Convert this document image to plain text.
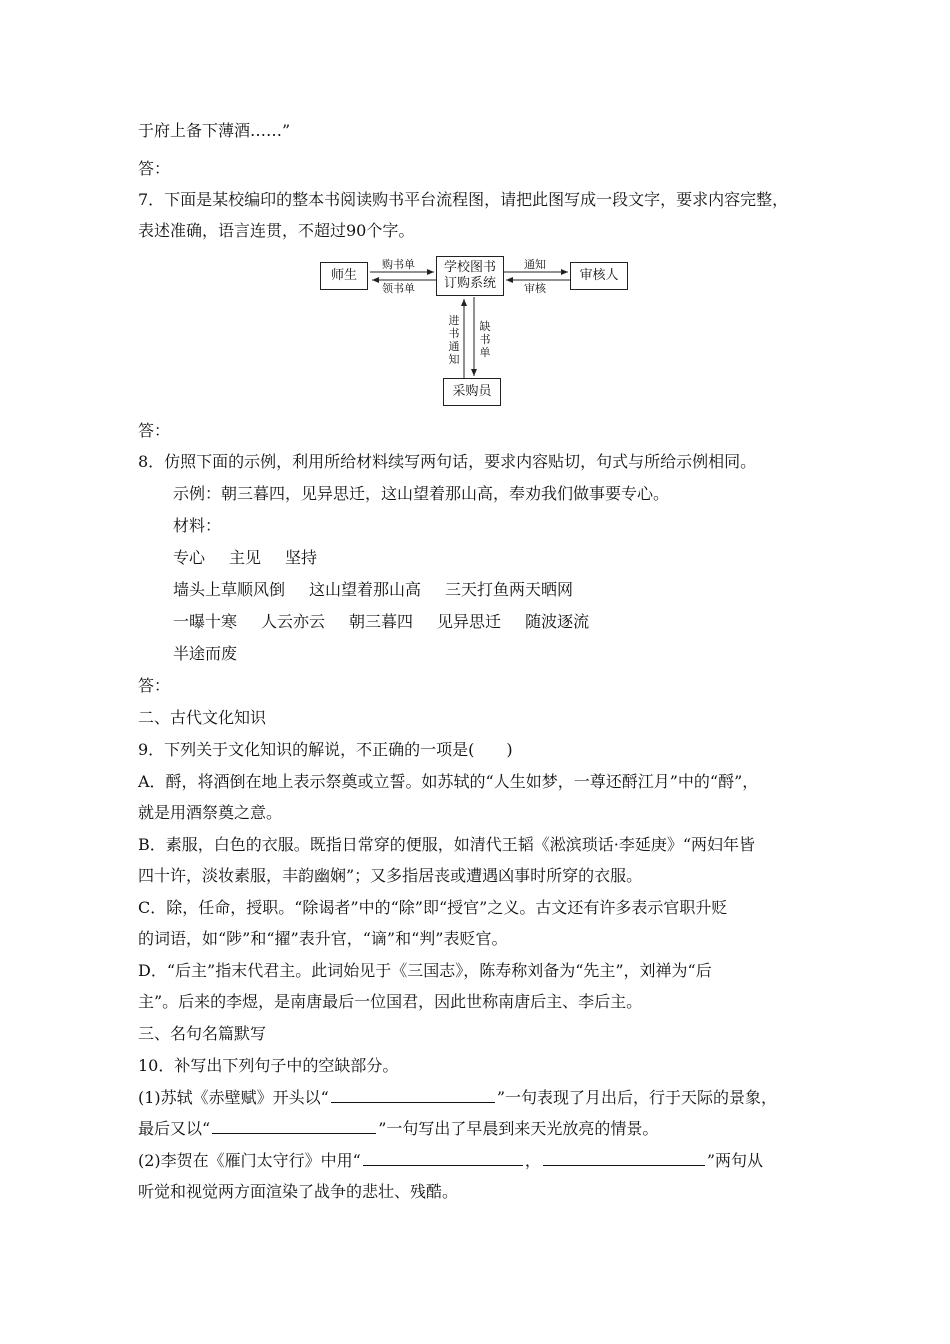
于府上备下薄酒……”
答：
7．下面是某校编印的整本书阅读购书平台流程图，请把此图写成一段文字，要求内容完整，
表述准确，语言连贯，不超过90个字。
师生
学校图书
订购系统
审核人
采购员
购书单
领书单
通知
审核
进书通知
缺书单
答：
8．仿照下面的示例，利用所给材料续写两句话，要求内容贴切，句式与所给示例相同。
示例：朝三暮四，见异思迁，这山望着那山高，奉劝我们做事要专心。
材料：
专心 主见 坚持
墙头上草顺风倒 这山望着那山高 三天打鱼两天晒网
一曝十寒 人云亦云 朝三暮四 见异思迁 随波逐流
半途而废
答：
二、古代文化知识
9．下列关于文化知识的解说，不正确的一项是(　　)
A．酹，将酒倒在地上表示祭奠或立誓。如苏轼的“人生如梦，一尊还酹江月”中的“酹”，
就是用酒祭奠之意。
B．素服，白色的衣服。既指日常穿的便服，如清代王韬《淞滨琐话·李延庚》“两妇年皆
四十许，淡妆素服，丰韵幽娴”；又多指居丧或遭遇凶事时所穿的衣服。
C．除，任命，授职。“除谒者”中的“除”即“授官”之义。古文还有许多表示官职升贬
的词语，如“陟”和“擢”表升官，“谪”和“判”表贬官。
D．“后主”指末代君主。此词始见于《三国志》，陈寿称刘备为“先主”，刘禅为“后
主”。后来的李煜，是南唐最后一位国君，因此世称南唐后主、李后主。
三、名句名篇默写
10．补写出下列句子中的空缺部分。
(1)苏轼《赤壁赋》开头以“	”一句表现了月出后，行于天际的景象，
最后又以“	”一句写出了早晨到来天光放亮的情景。
(2)李贺在《雁门太守行》中用“	，	”两句从
听觉和视觉两方面渲染了战争的悲壮、残酷。
